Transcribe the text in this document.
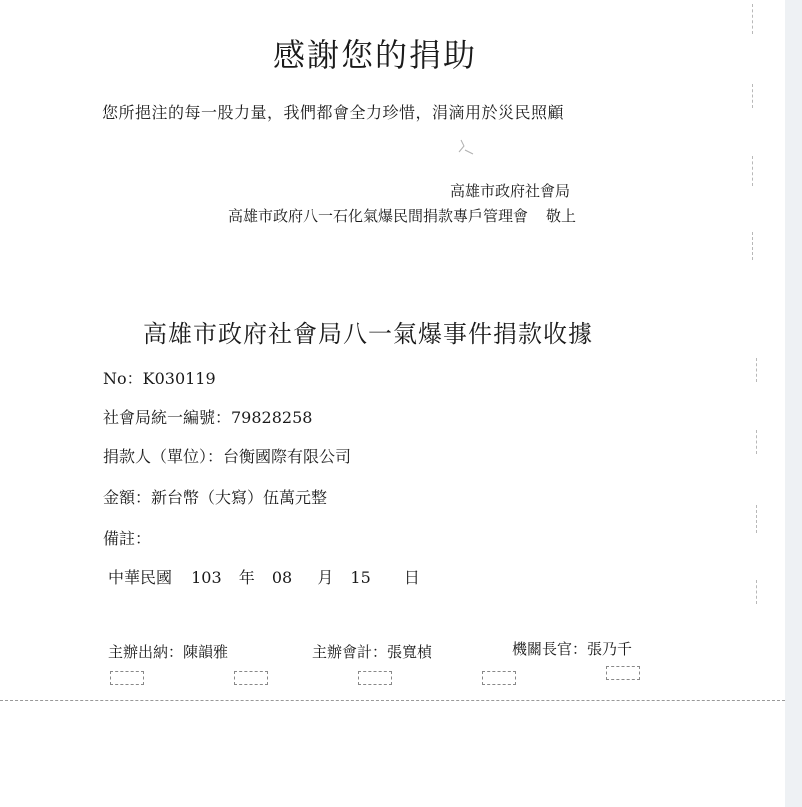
感謝您的捐助
您所挹注的每一股力量，我們都會全力珍惜，涓滴用於災民照顧
高雄市政府社會局
高雄市政府八一石化氣爆民間捐款專戶管理會 敬上
高雄市政府社會局八一氣爆事件捐款收據
No：K030119
社會局統一編號：79828258
捐款人（單位）：台衡國際有限公司
金額：新台幣（大寫）伍萬元整
備註：
中華民國 103 年 08 月 15 日
主辦出納：陳韻雅	主辦會計：張寬楨	機關長官：張乃千
